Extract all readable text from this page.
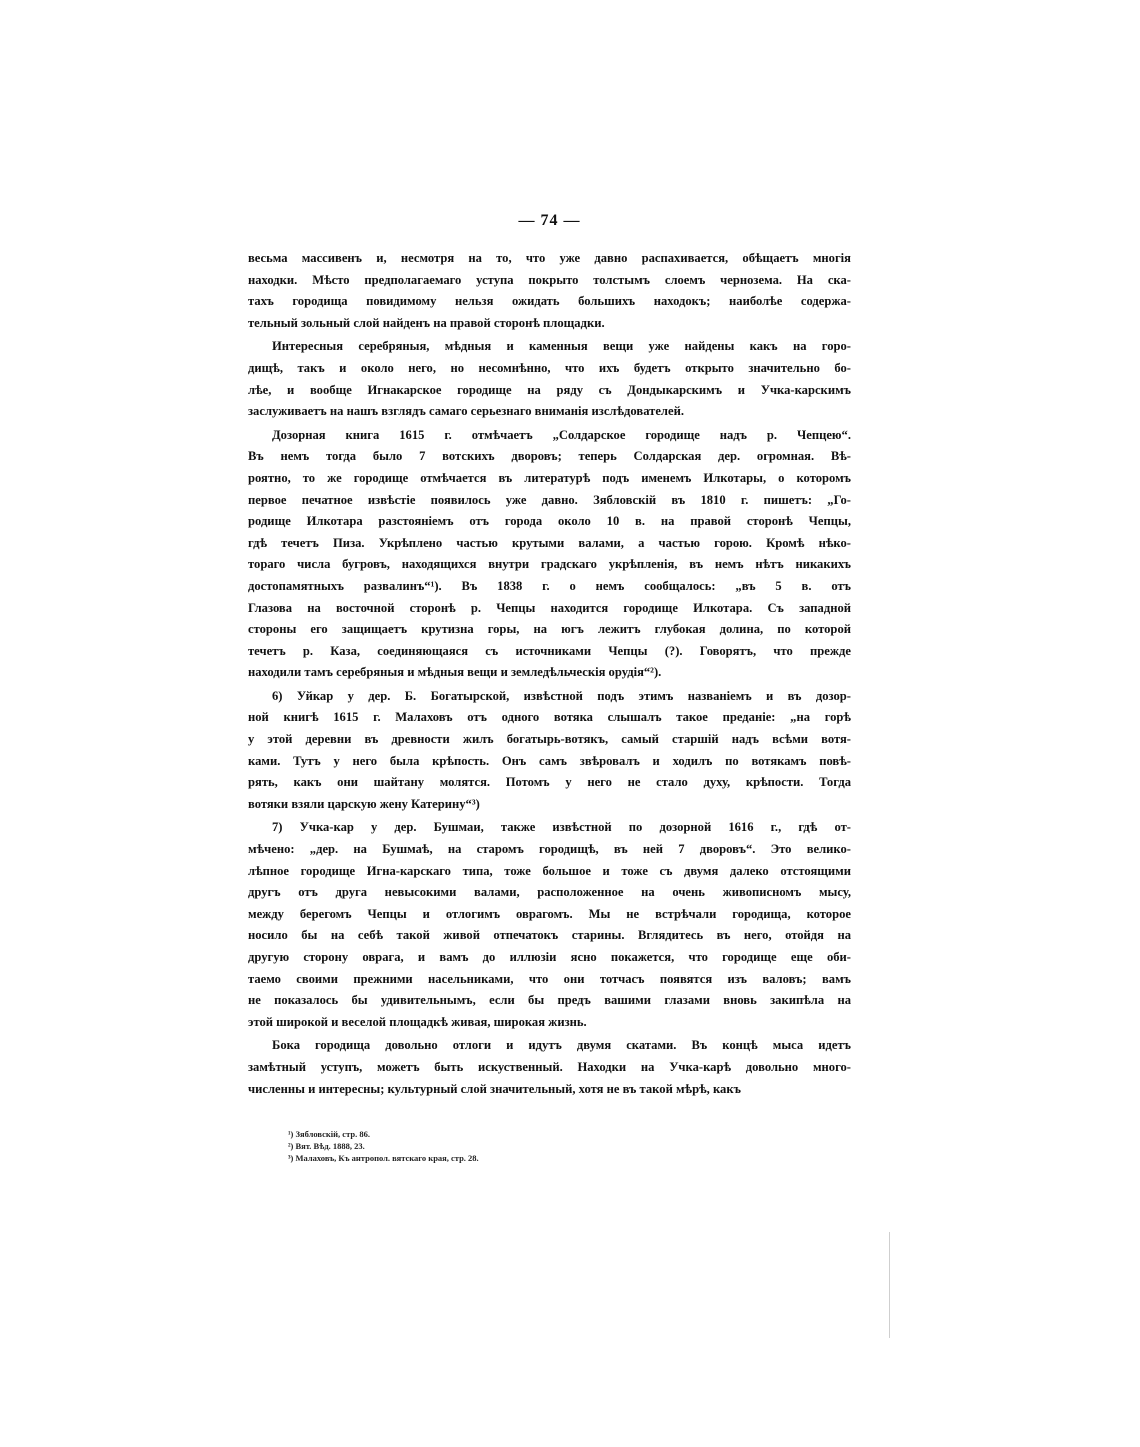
— 74 —
весьма массивенъ и, несмотря на то, что уже давно распахивается, обѣщаетъ многія
находки. Мѣсто предполагаемаго уступа покрыто толстымъ слоемъ чернозема. На ска-
тахъ городища повидимому нельзя ожидать большихъ находокъ; наиболѣе содержа-
тельный зольный слой найденъ на правой сторонѣ площадки.
Интересныя серебряныя, мѣдныя и каменныя вещи уже найдены какъ на горо-
дищѣ, такъ и около него, но несомнѣнно, что ихъ будетъ открыто значительно бо-
лѣе, и вообще Игнакарское городище на ряду съ Дондыкарскимъ и Учка-карскимъ
заслуживаетъ на нашъ взглядъ самаго серьезнаго вниманія изслѣдователей.
Дозорная книга 1615 г. отмѣчаетъ „Солдарское городище надъ р. Чепцею“.
Въ немъ тогда было 7 вотскихъ дворовъ; теперь Солдарская дер. огромная. Вѣ-
роятно, то же городище отмѣчается въ литературѣ подъ именемъ Илкотары, о которомъ
первое печатное извѣстіе появилось уже давно. Зябловскій въ 1810 г. пишетъ: „Го-
родище Илкотара разстояніемъ отъ города около 10 в. на правой сторонѣ Чепцы,
гдѣ течетъ Пиза. Укрѣплено частью крутыми валами, а частью горою. Кромѣ нѣко-
тораго числа бугровъ, находящихся внутри градскаго укрѣпленія, въ немъ нѣтъ никакихъ
достопамятныхъ развалинъ“¹). Въ 1838 г. о немъ сообщалось: „въ 5 в. отъ
Глазова на восточной сторонѣ р. Чепцы находится городище Илкотара. Съ западной
стороны его защищаетъ крутизна горы, на югъ лежитъ глубокая долина, по которой
течетъ р. Каза, соединяющаяся съ источниками Чепцы (?). Говорятъ, что прежде
находили тамъ серебряныя и мѣдныя вещи и земледѣльческія орудія“²).
6) Уйкар у дер. Б. Богатырской, извѣстной подъ этимъ названіемъ и въ дозор-
ной книгѣ 1615 г. Малаховъ отъ одного вотяка слышалъ такое преданіе: „на горѣ
у этой деревни въ древности жилъ богатырь-вотякъ, самый старшій надъ всѣми вотя-
ками. Тутъ у него была крѣпость. Онъ самъ звѣровалъ и ходилъ по вотякамъ повѣ-
рять, какъ они шайтану молятся. Потомъ у него не стало духу, крѣпости. Тогда
вотяки взяли царскую жену Катерину“³)
7) Учка-кар у дер. Бушмаи, также извѣстной по дозорной 1616 г., гдѣ от-
мѣчено: „дер. на Бушмаѣ, на старомъ городищѣ, въ ней 7 дворовъ“. Это велико-
лѣпное городище Игна-карскаго типа, тоже большое и тоже съ двумя далеко отстоящими
другъ отъ друга невысокими валами, расположенное на очень живописномъ мысу,
между берегомъ Чепцы и отлогимъ оврагомъ. Мы не встрѣчали городища, которое
носило бы на себѣ такой живой отпечатокъ старины. Вглядитесь въ него, отойдя на
другую сторону оврага, и вамъ до иллюзіи ясно покажется, что городище еще оби-
таемо своими прежними насельниками, что они тотчасъ появятся изъ валовъ; вамъ
не показалось бы удивительнымъ, если бы предъ вашими глазами вновь закипѣла на
этой широкой и веселой площадкѣ живая, широкая жизнь.
Бока городища довольно отлоги и идутъ двумя скатами. Въ концѣ мыса идетъ
замѣтный уступъ, можетъ быть искуственный. Находки на Учка-карѣ довольно много-
численны и интересны; культурный слой значительный, хотя не въ такой мѣрѣ, какъ
¹) Зябловскій, стр. 86.
²) Вят. Вѣд. 1888, 23.
³) Малаховъ, Къ антропол. вятскаго края, стр. 28.
